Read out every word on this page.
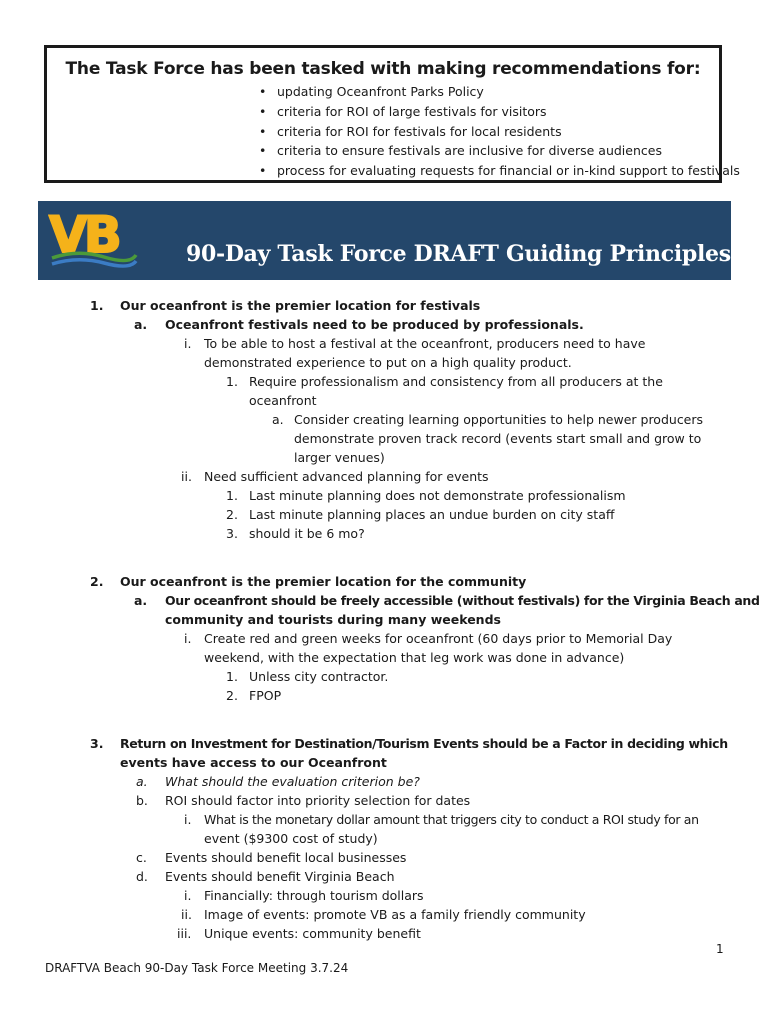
The Task Force has been tasked with making recommendations for:
• updating Oceanfront Parks Policy
• criteria for ROI of large festivals for visitors
• criteria for ROI for festivals for local residents
• criteria to ensure festivals are inclusive for diverse audiences
• process for evaluating requests for financial or in-kind support to festivals
VB	90-Day Task Force DRAFT Guiding Principles
1. Our oceanfront is the premier location for festivals
a. Oceanfront festivals need to be produced by professionals.
i. To be able to host a festival at the oceanfront, producers need to have
demonstrated experience to put on a high quality product.
1. Require professionalism and consistency from all producers at the
oceanfront
a. Consider creating learning opportunities to help newer producers
demonstrate proven track record (events start small and grow to
larger venues)
ii. Need sufficient advanced planning for events
1. Last minute planning does not demonstrate professionalism
2. Last minute planning places an undue burden on city staff
3. should it be 6 mo?
2. Our oceanfront is the premier location for the community
a. Our oceanfront should be freely accessible (without festivals) for the Virginia Beach and
community and tourists during many weekends
i. Create red and green weeks for oceanfront (60 days prior to Memorial Day
weekend, with the expectation that leg work was done in advance)
1. Unless city contractor.
2. FPOP
3. Return on Investment for Destination/Tourism Events should be a Factor in deciding which
events have access to our Oceanfront
a. What should the evaluation criterion be?
b. ROI should factor into priority selection for dates
i. What is the monetary dollar amount that triggers city to conduct a ROI study for an
event ($9300 cost of study)
c. Events should benefit local businesses
d. Events should benefit Virginia Beach
i. Financially: through tourism dollars
ii. Image of events: promote VB as a family friendly community
iii. Unique events: community benefit
1
DRAFTVA Beach 90-Day Task Force Meeting 3.7.24
